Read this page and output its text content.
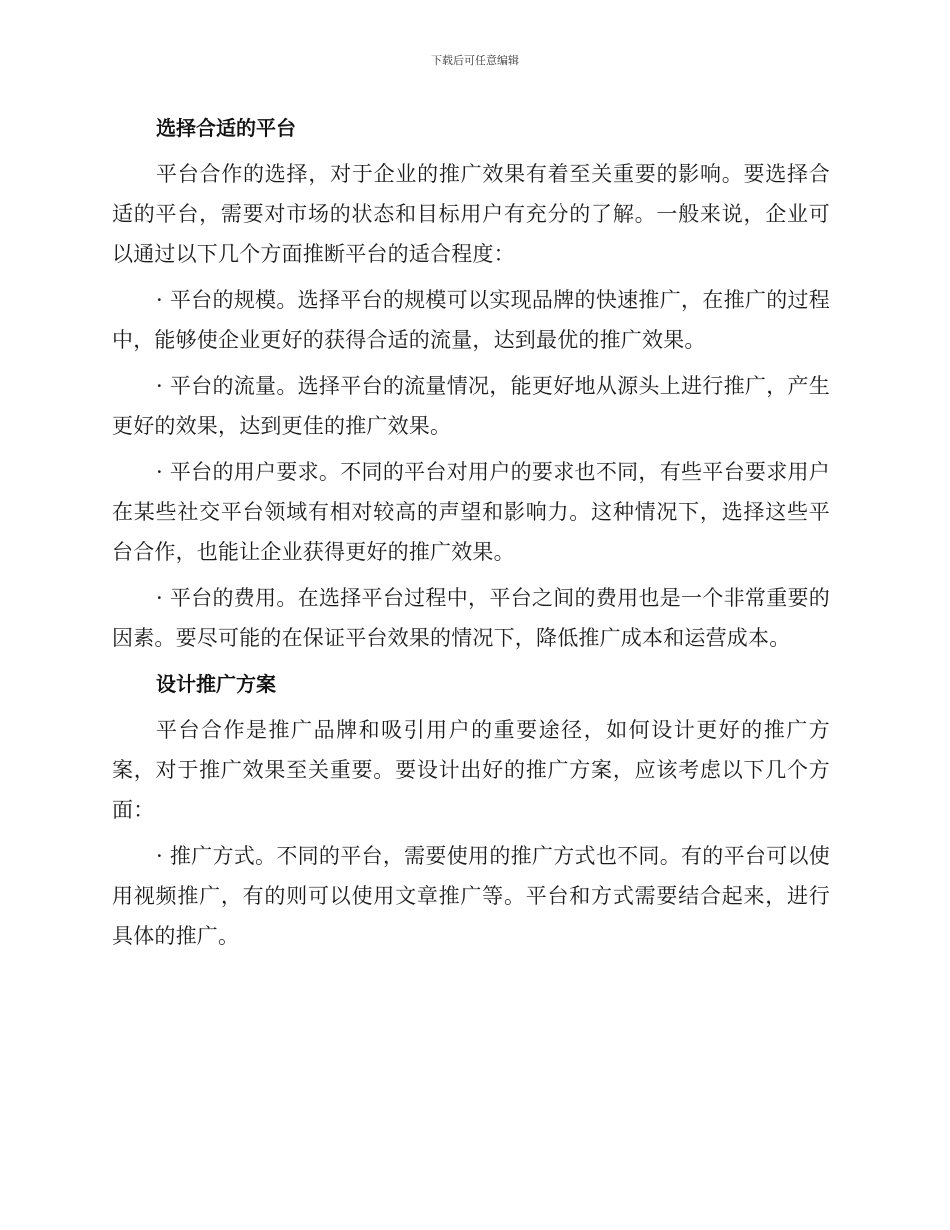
下载后可任意编辑
选择合适的平台

平台合作的选择，对于企业的推广效果有着至关重要的影响。要选择合适的平台，需要对市场的状态和目标用户有充分的了解。一般来说，企业可以通过以下几个方面推断平台的适合程度：

· 平台的规模。选择平台的规模可以实现品牌的快速推广，在推广的过程中，能够使企业更好的获得合适的流量，达到最优的推广效果。

· 平台的流量。选择平台的流量情况，能更好地从源头上进行推广，产生更好的效果，达到更佳的推广效果。

· 平台的用户要求。不同的平台对用户的要求也不同，有些平台要求用户在某些社交平台领域有相对较高的声望和影响力。这种情况下，选择这些平台合作，也能让企业获得更好的推广效果。

· 平台的费用。在选择平台过程中，平台之间的费用也是一个非常重要的因素。要尽可能的在保证平台效果的情况下，降低推广成本和运营成本。

设计推广方案

平台合作是推广品牌和吸引用户的重要途径，如何设计更好的推广方案，对于推广效果至关重要。要设计出好的推广方案，应该考虑以下几个方面：

· 推广方式。不同的平台，需要使用的推广方式也不同。有的平台可以使用视频推广，有的则可以使用文章推广等。平台和方式需要结合起来，进行具体的推广。
